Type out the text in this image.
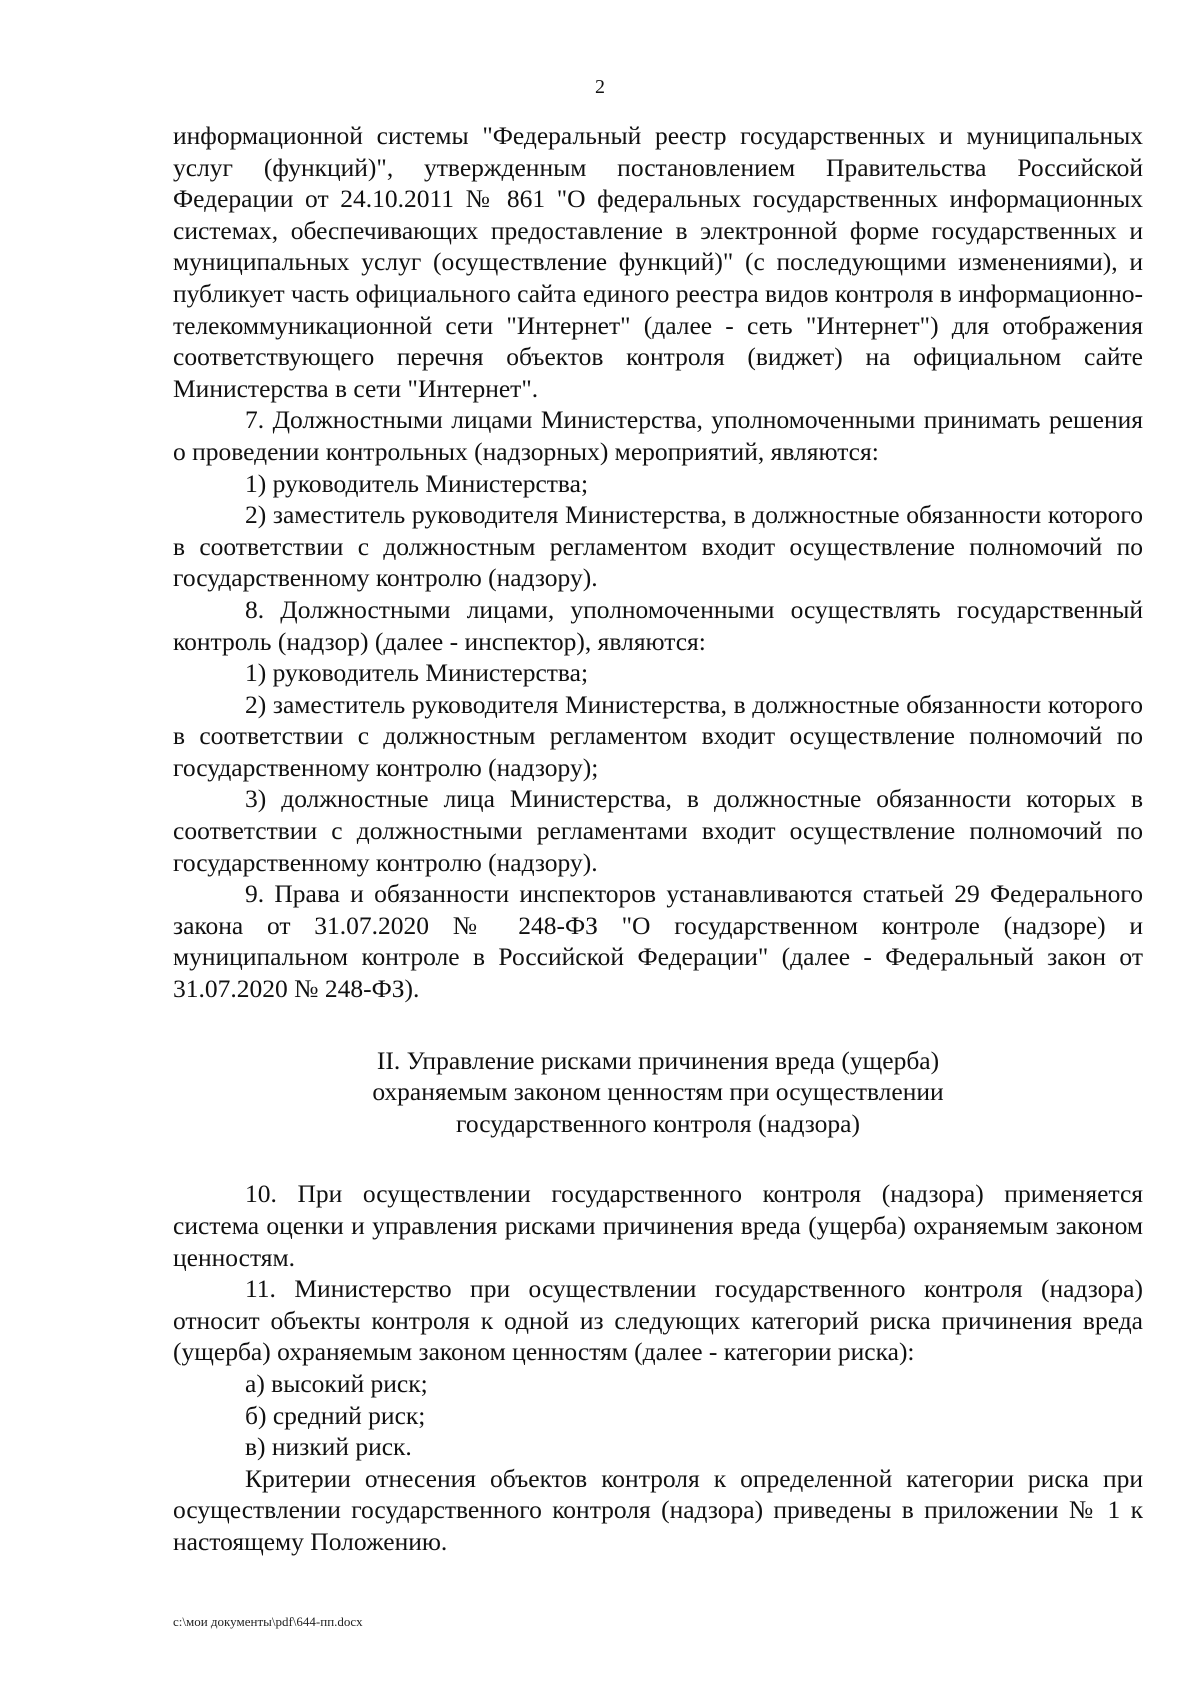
2

информационной системы "Федеральный реестр государственных и муниципальных услуг (функций)", утвержденным постановлением Правительства Российской Федерации от 24.10.2011 № 861 "О федеральных государственных информационных системах, обеспечивающих предоставление в электронной форме государственных и муниципальных услуг (осуществление функций)" (с последующими изменениями), и публикует часть официального сайта единого реестра видов контроля в информационно-телекоммуникационной сети "Интернет" (далее - сеть "Интернет") для отображения соответствующего перечня объектов контроля (виджет) на официальном сайте Министерства в сети "Интернет".

7. Должностными лицами Министерства, уполномоченными принимать решения о проведении контрольных (надзорных) мероприятий, являются:

1) руководитель Министерства;

2) заместитель руководителя Министерства, в должностные обязанности которого в соответствии с должностным регламентом входит осуществление полномочий по государственному контролю (надзору).

8. Должностными лицами, уполномоченными осуществлять государственный контроль (надзор) (далее - инспектор), являются:

1) руководитель Министерства;

2) заместитель руководителя Министерства, в должностные обязанности которого в соответствии с должностным регламентом входит осуществление полномочий по государственному контролю (надзору);

3) должностные лица Министерства, в должностные обязанности которых в соответствии с должностными регламентами входит осуществление полномочий по государственному контролю (надзору).

9. Права и обязанности инспекторов устанавливаются статьей 29 Федерального закона от 31.07.2020 № 248-ФЗ "О государственном контроле (надзоре) и муниципальном контроле в Российской Федерации" (далее - Федеральный закон от 31.07.2020 № 248-ФЗ).

II. Управление рисками причинения вреда (ущерба)
охраняемым законом ценностям при осуществлении
государственного контроля (надзора)

10. При осуществлении государственного контроля (надзора) применяется система оценки и управления рисками причинения вреда (ущерба) охраняемым законом ценностям.

11. Министерство при осуществлении государственного контроля (надзора) относит объекты контроля к одной из следующих категорий риска причинения вреда (ущерба) охраняемым законом ценностям (далее - категории риска):

а) высокий риск;

б) средний риск;

в) низкий риск.

Критерии отнесения объектов контроля к определенной категории риска при осуществлении государственного контроля (надзора) приведены в приложении № 1 к настоящему Положению.

c:\мои документы\pdf\644-пп.docx
